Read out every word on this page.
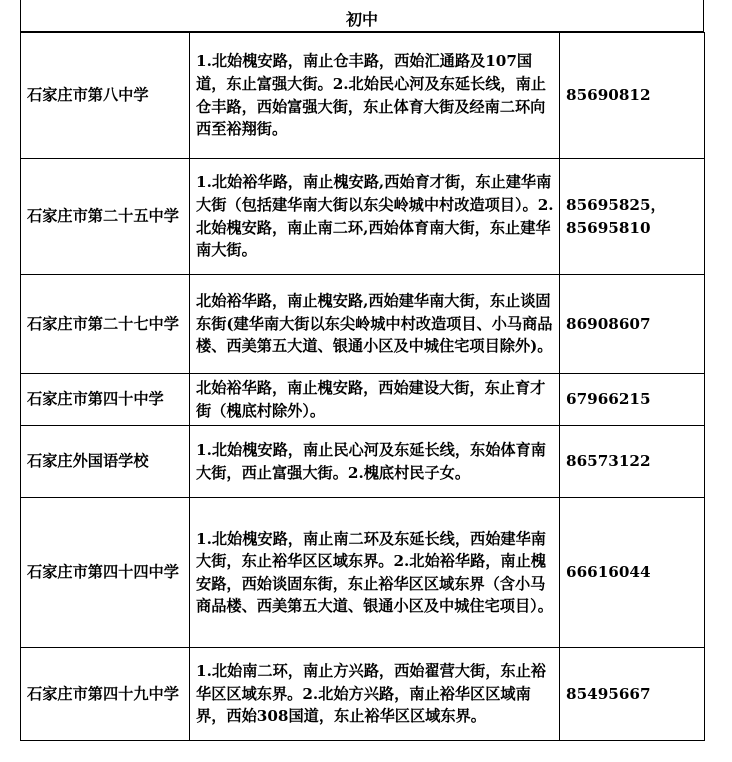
初中
石家庄市第八中学	1.北始槐安路，南止仓丰路，西始汇通路及107国道，东止富强大街。2.北始民心河及东延长线，南止仓丰路，西始富强大街，东止体育大街及经南二环向西至裕翔街。	85690812
石家庄市第二十五中学	1.北始裕华路，南止槐安路,西始育才街，东止建华南大街（包括建华南大街以东尖岭城中村改造项目）。2.北始槐安路，南止南二环,西始体育南大街，东止建华南大街。	85695825，
85695810
石家庄市第二十七中学	北始裕华路，南止槐安路,西始建华南大街，东止谈固东街(建华南大街以东尖岭城中村改造项目、小马商品楼、西美第五大道、银通小区及中城住宅项目除外)。	86908607
石家庄市第四十中学	北始裕华路，南止槐安路，西始建设大街，东止育才街（槐底村除外）。	67966215
石家庄外国语学校	1.北始槐安路，南止民心河及东延长线，东始体育南大街，西止富强大街。2.槐底村民子女。	86573122
石家庄市第四十四中学	1.北始槐安路，南止南二环及东延长线，西始建华南大街，东止裕华区区域东界。2.北始裕华路，南止槐安路，西始谈固东街，东止裕华区区域东界（含小马商品楼、西美第五大道、银通小区及中城住宅项目）。	66616044
石家庄市第四十九中学	1.北始南二环，南止方兴路，西始翟营大街，东止裕华区区域东界。2.北始方兴路，南止裕华区区域南界，西始308国道，东止裕华区区域东界。	85495667
